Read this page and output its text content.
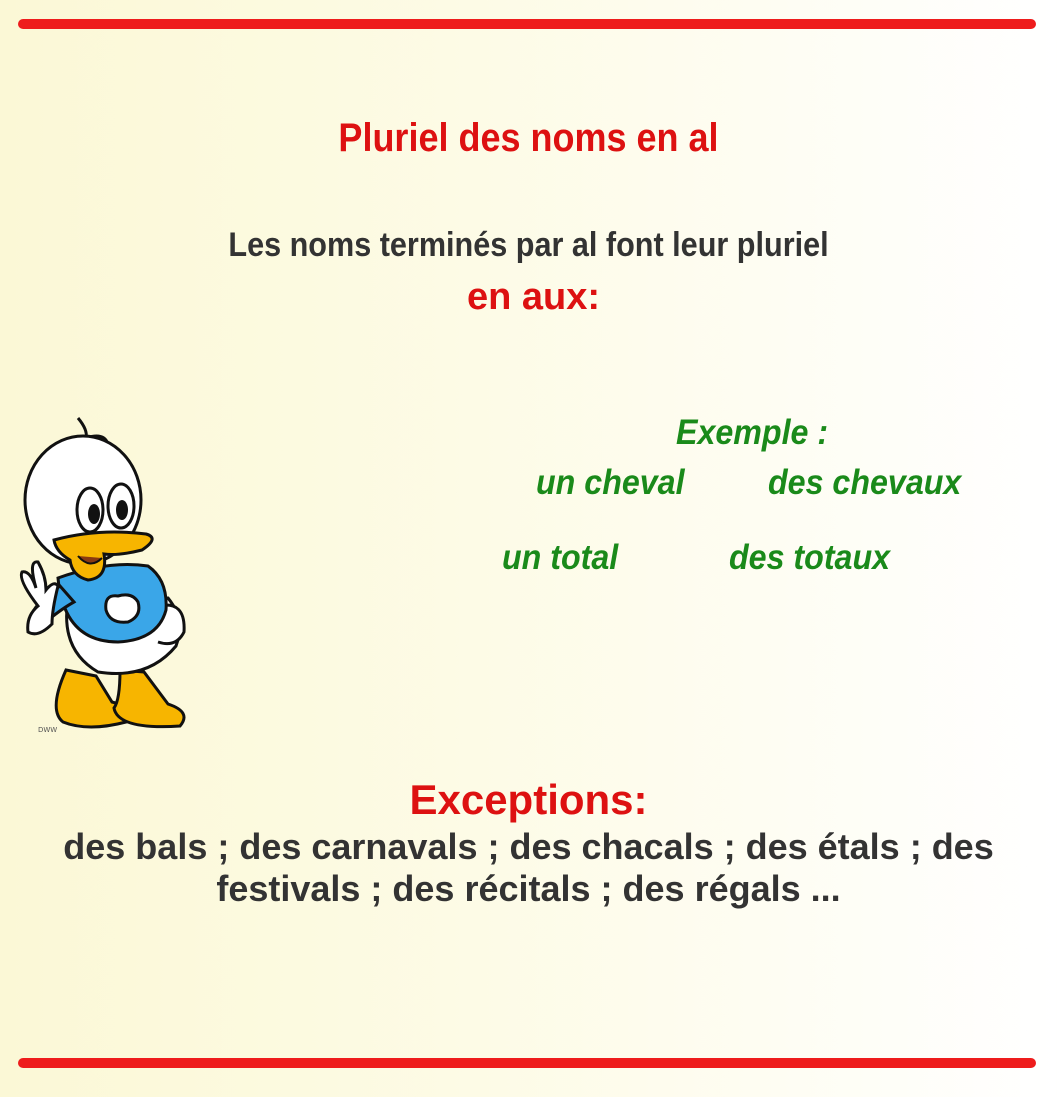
Pluriel des noms en al

Les noms terminés par al font leur pluriel

en aux:

DWW

Exemple :

un cheval des chevaux

un total	des totaux

Exceptions:

des bals ; des carnavals ; des chacals ; des étals ; des festivals ; des récitals ; des régals ...
